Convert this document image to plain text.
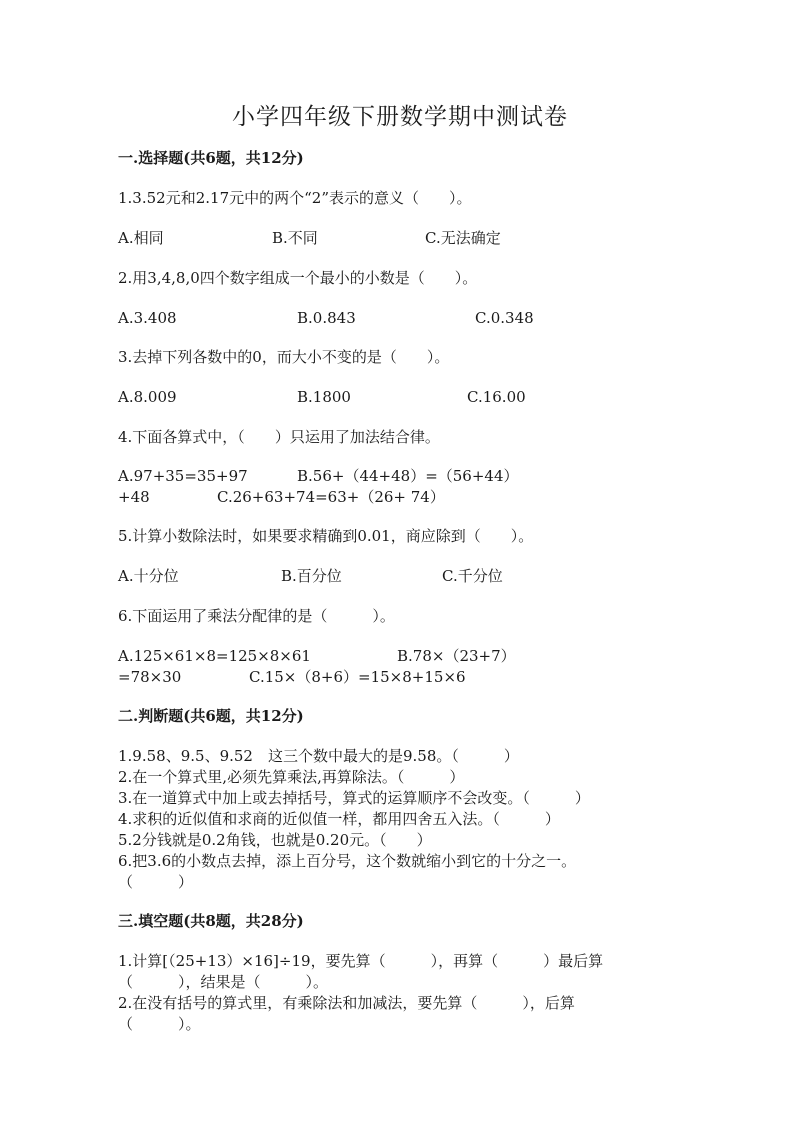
小学四年级下册数学期中测试卷
一.选择题(共6题，共12分)
1.3.52元和2.17元中的两个“2”表示的意义（　　）。
A.相同	B.不同	C.无法确定
2.用3,4,8,0四个数字组成一个最小的小数是（　　）。
A.3.408	B.0.843	C.0.348
3.去掉下列各数中的0，而大小不变的是（　　）。
A.8.009	B.1800	C.16.00
4.下面各算式中，（　　）只运用了加法结合律。
A.97+35=35+97	B.56+（44+48）=（56+44）
+48	C.26+63+74=63+（26+ 74）
5.计算小数除法时，如果要求精确到0.01，商应除到（　　）。
A.十分位	B.百分位	C.千分位
6.下面运用了乘法分配律的是（　　　）。
A.125×61×8=125×8×61	B.78×（23+7）
=78×30	C.15×（8+6）=15×8+15×6
二.判断题(共6题，共12分)
1.9.58、9.5、9.52　这三个数中最大的是9.58。（　　　）
2.在一个算式里,必须先算乘法,再算除法。（　　　）
3.在一道算式中加上或去掉括号，算式的运算顺序不会改变。（　　　）
4.求积的近似值和求商的近似值一样，都用四舍五入法。（　　　）
5.2分钱就是0.2角钱，也就是0.20元。（　　）
6.把3.6的小数点去掉，添上百分号，这个数就缩小到它的十分之一。
（　　　）
三.填空题(共8题，共28分)
1.计算[（25+13）×16]÷19，要先算（　　　），再算（　　　）最后算
（　　　），结果是（　　　）。
2.在没有括号的算式里，有乘除法和加减法，要先算（　　　），后算
（　　　）。
